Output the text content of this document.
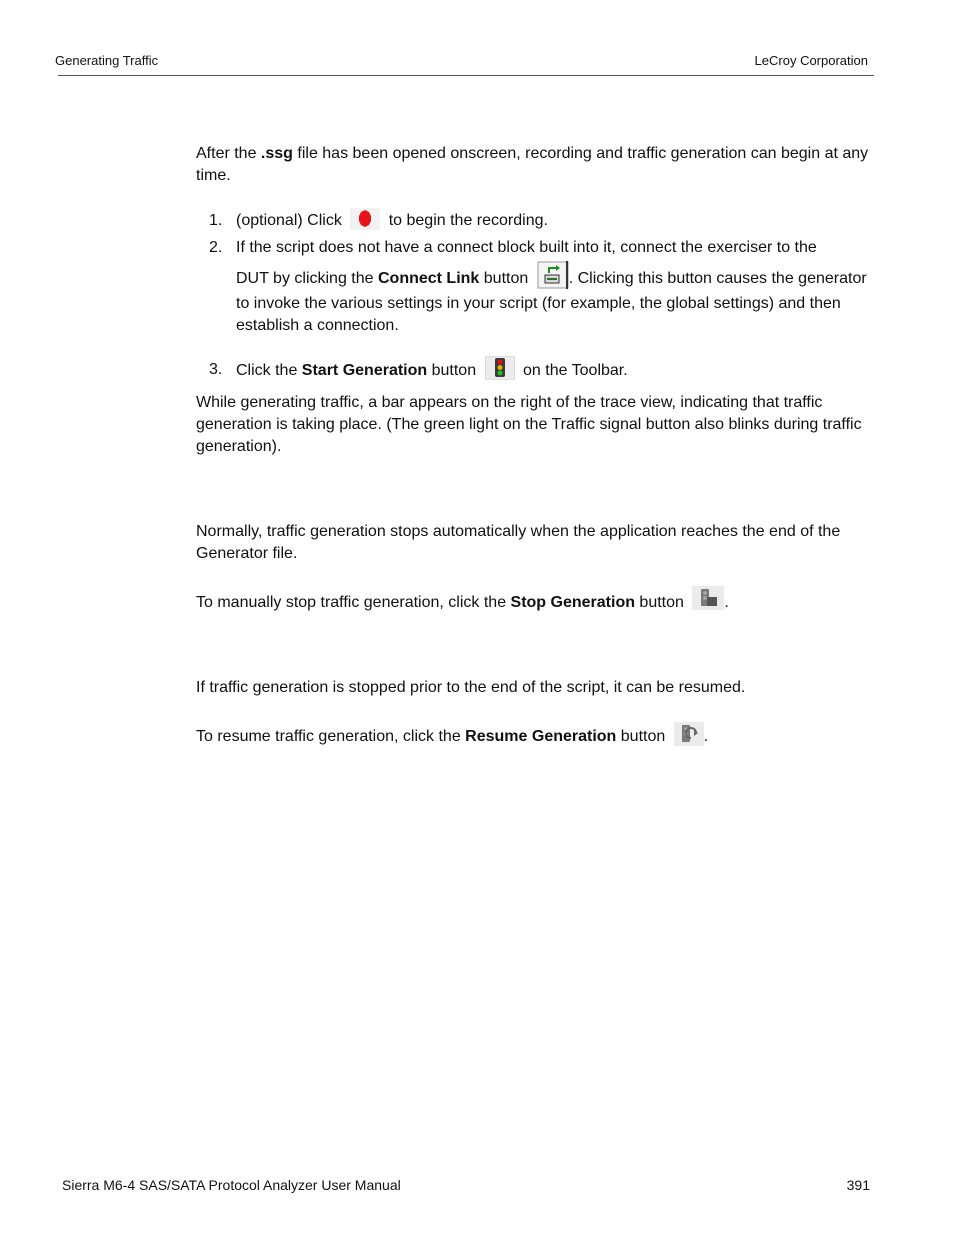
Generating Traffic	LeCroy Corporation
After the .ssg file has been opened onscreen, recording and traffic generation can begin at any time.
1. (optional) Click	to begin the recording.
2. If the script does not have a connect block built into it, connect the exerciser to the
DUT by clicking the Connect Link button	. Clicking this button causes the generator to invoke the various settings in your script (for example, the global settings) and then establish a connection.
3. Click the Start Generation button	on the Toolbar.
While generating traffic, a bar appears on the right of the trace view, indicating that traffic generation is taking place. (The green light on the Traffic signal button also blinks during traffic generation).
Normally, traffic generation stops automatically when the application reaches the end of the Generator file.
To manually stop traffic generation, click the Stop Generation button	.
If traffic generation is stopped prior to the end of the script, it can be resumed.
To resume traffic generation, click the Resume Generation button .
Sierra M6-4 SAS/SATA Protocol Analyzer User Manual	391
